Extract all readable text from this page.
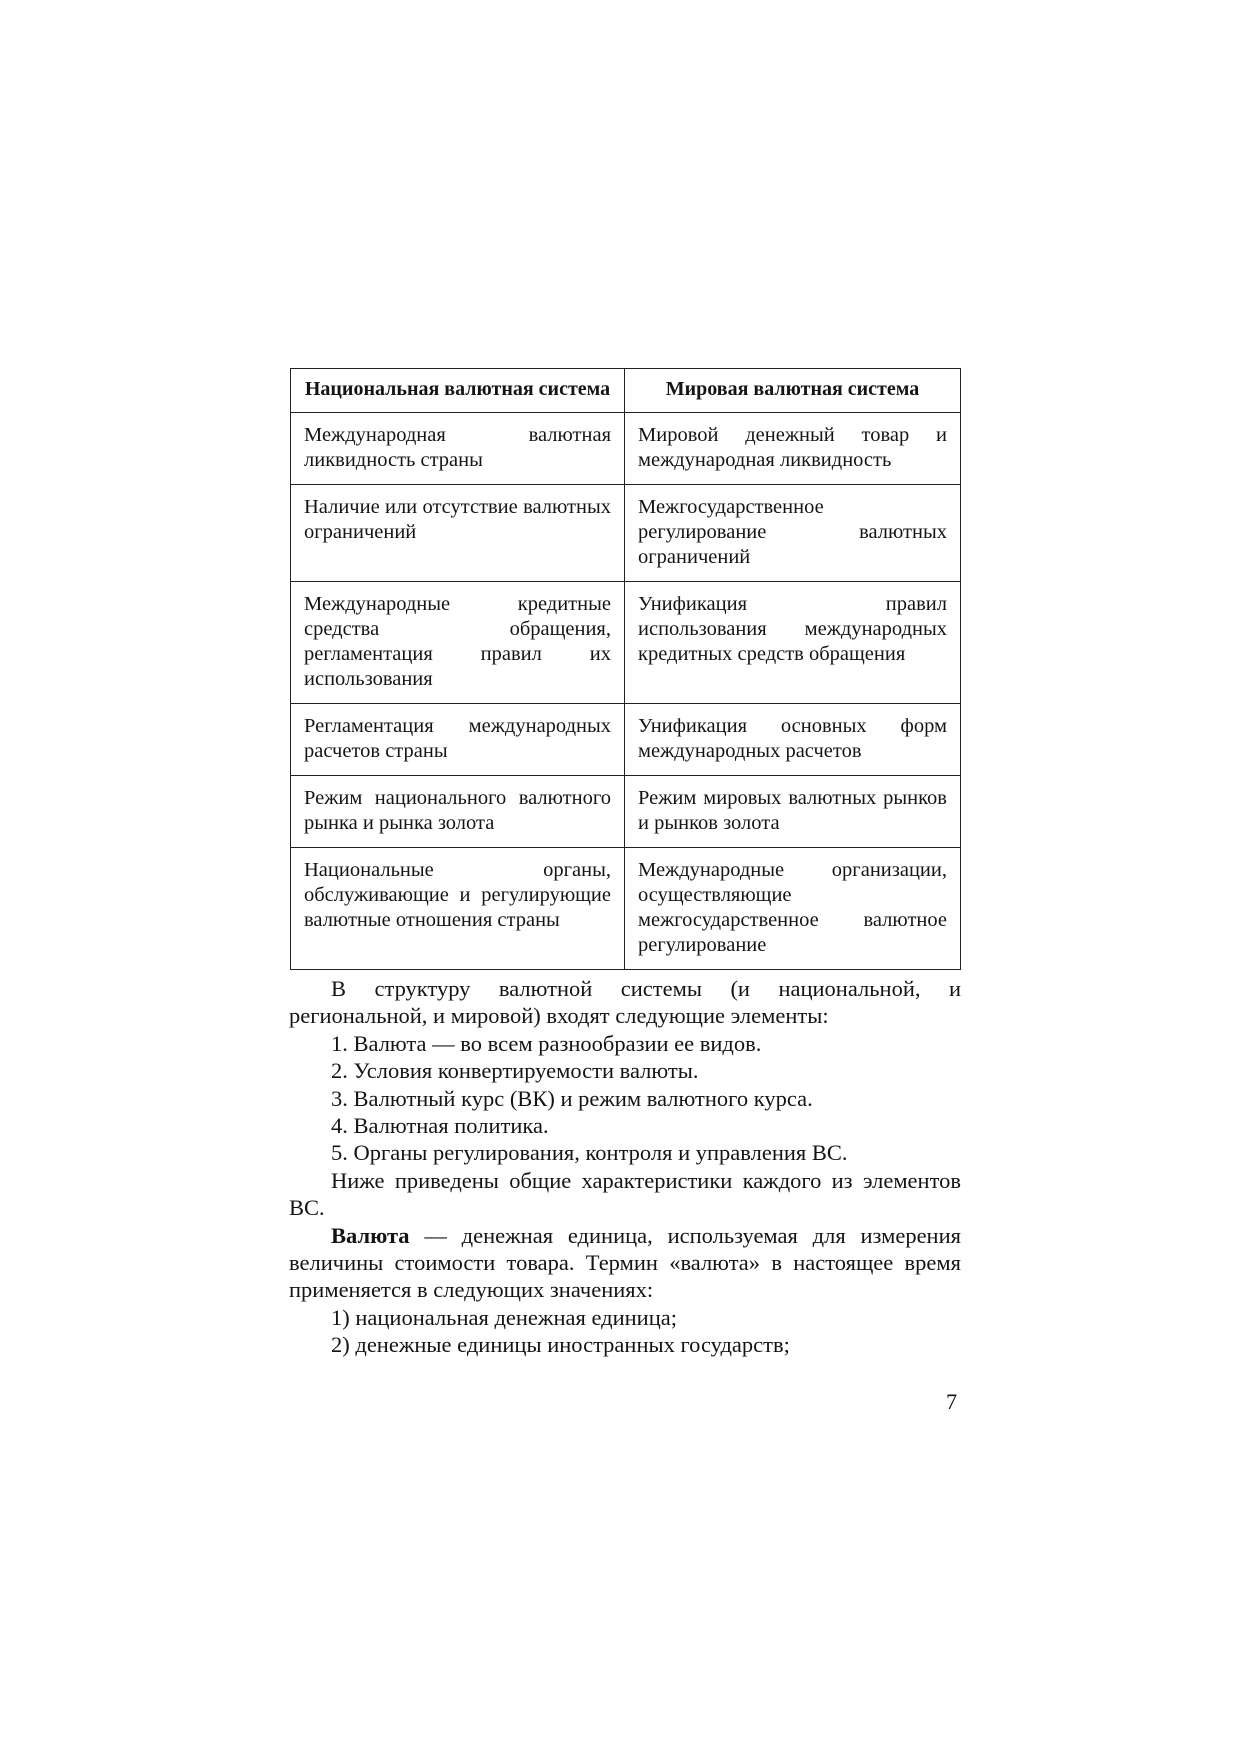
Национальная валютная система	Мировая валютная система
Международная валютная ликвидность страны	Мировой денежный товар и международная ликвидность
Наличие или отсутствие валютных ограничений	Межгосударственное регулирование валютных ограничений
Международные кредитные средства обращения, регламентация правил их использования	Унификация правил использования международных кредитных средств обращения
Регламентация международных расчетов страны	Унификация основных форм международных расчетов
Режим национального валютного рынка и рынка золота	Режим мировых валютных рынков и рынков золота
Национальные органы, обслуживающие и регулирующие валютные отношения страны	Международные организации, осуществляющие межгосударственное валютное регулирование

В структуру валютной системы (и национальной, и региональной, и мировой) входят следующие элементы:

1. Валюта — во всем разнообразии ее видов.

2. Условия конвертируемости валюты.

3. Валютный курс (ВК) и режим валютного курса.

4. Валютная политика.

5. Органы регулирования, контроля и управления ВС.

Ниже приведены общие характеристики каждого из элементов ВС.

Валюта — денежная единица, используемая для измерения величины стоимости товара. Термин «валюта» в настоящее время применяется в следующих значениях:

1) национальная денежная единица;

2) денежные единицы иностранных государств;

7
